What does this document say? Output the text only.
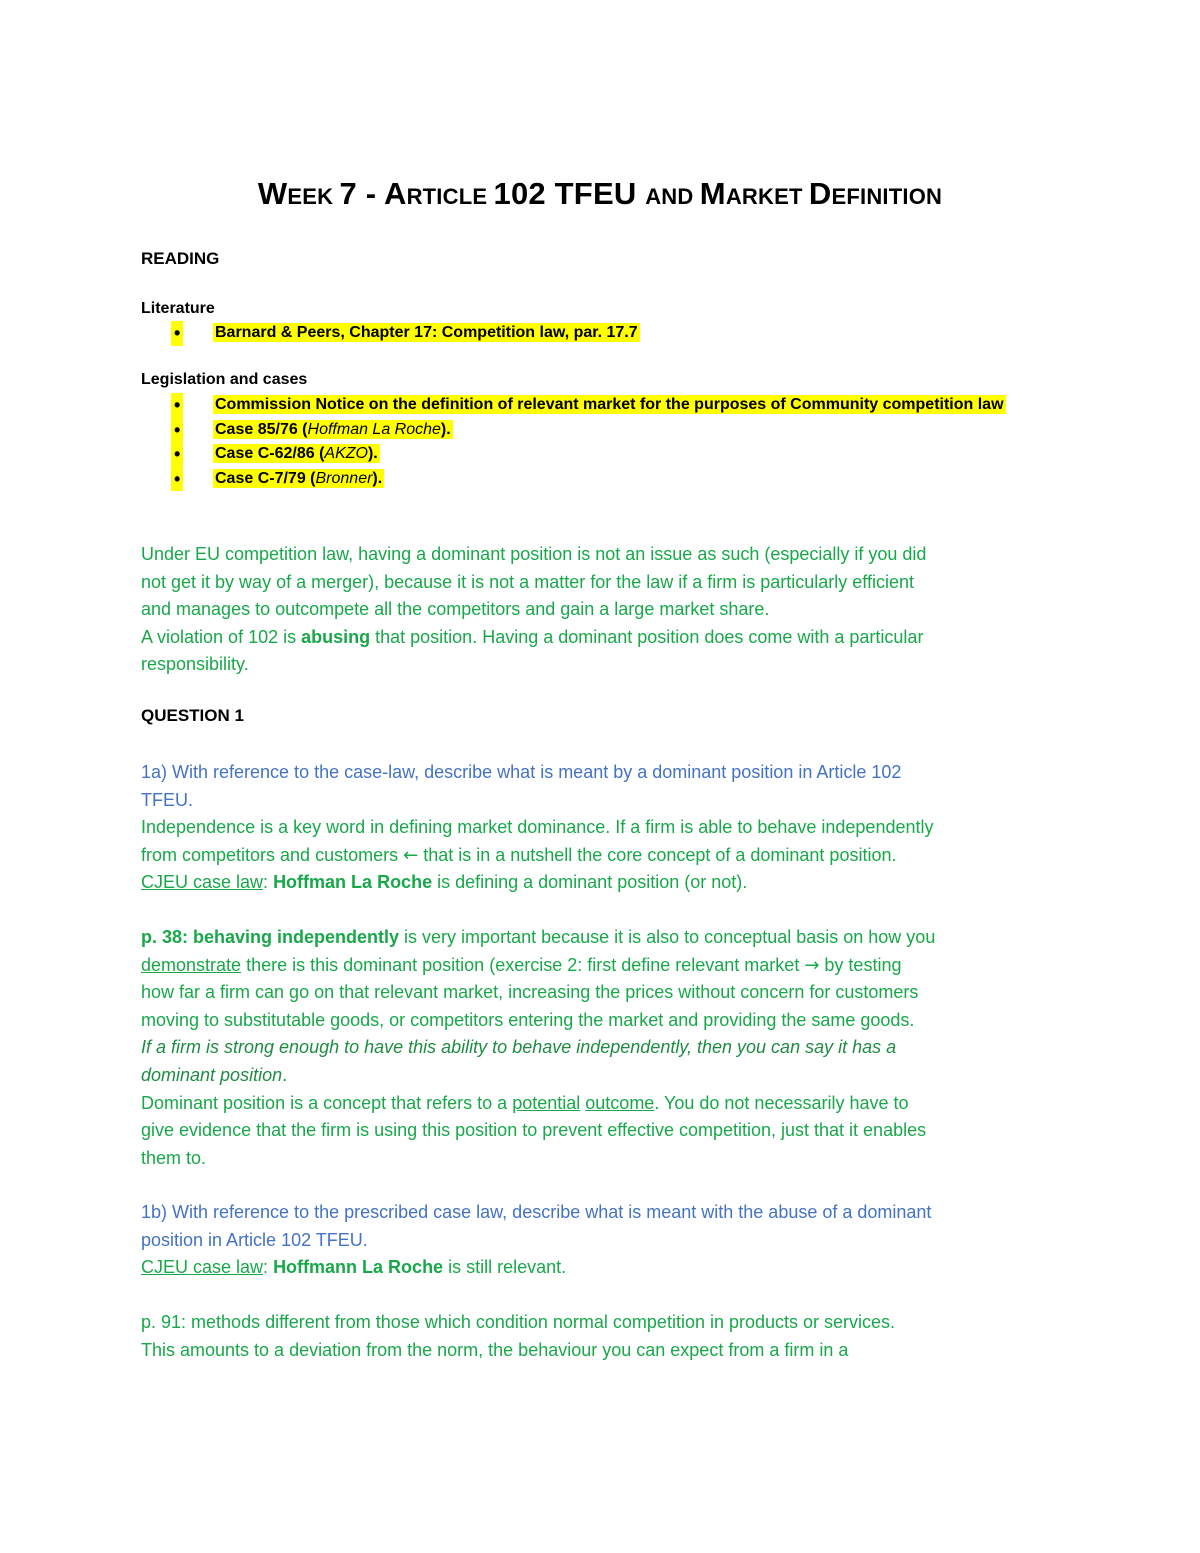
WEEK 7 - ARTICLE 102 TFEU AND MARKET DEFINITION
READING
Literature
• Barnard & Peers, Chapter 17: Competition law, par. 17.7
Legislation and cases
• Commission Notice on the definition of relevant market for the purposes of Community competition law
• Case 85/76 (Hoffman La Roche).
• Case C-62/86 (AKZO).
• Case C-7/79 (Bronner).
Under EU competition law, having a dominant position is not an issue as such (especially if you did
not get it by way of a merger), because it is not a matter for the law if a firm is particularly efficient
and manages to outcompete all the competitors and gain a large market share.
A violation of 102 is abusing that position. Having a dominant position does come with a particular
responsibility.
QUESTION 1
1a) With reference to the case-law, describe what is meant by a dominant position in Article 102
TFEU.
Independence is a key word in defining market dominance. If a firm is able to behave independently
from competitors and customers ← that is in a nutshell the core concept of a dominant position.
CJEU case law: Hoffman La Roche is defining a dominant position (or not).
p. 38: behaving independently is very important because it is also to conceptual basis on how you
demonstrate there is this dominant position (exercise 2: first define relevant market → by testing
how far a firm can go on that relevant market, increasing the prices without concern for customers
moving to substitutable goods, or competitors entering the market and providing the same goods.
If a firm is strong enough to have this ability to behave independently, then you can say it has a
dominant position.
Dominant position is a concept that refers to a potential outcome. You do not necessarily have to
give evidence that the firm is using this position to prevent effective competition, just that it enables
them to.
1b) With reference to the prescribed case law, describe what is meant with the abuse of a dominant
position in Article 102 TFEU.
CJEU case law: Hoffmann La Roche is still relevant.
p. 91: methods different from those which condition normal competition in products or services.
This amounts to a deviation from the norm, the behaviour you can expect from a firm in a
